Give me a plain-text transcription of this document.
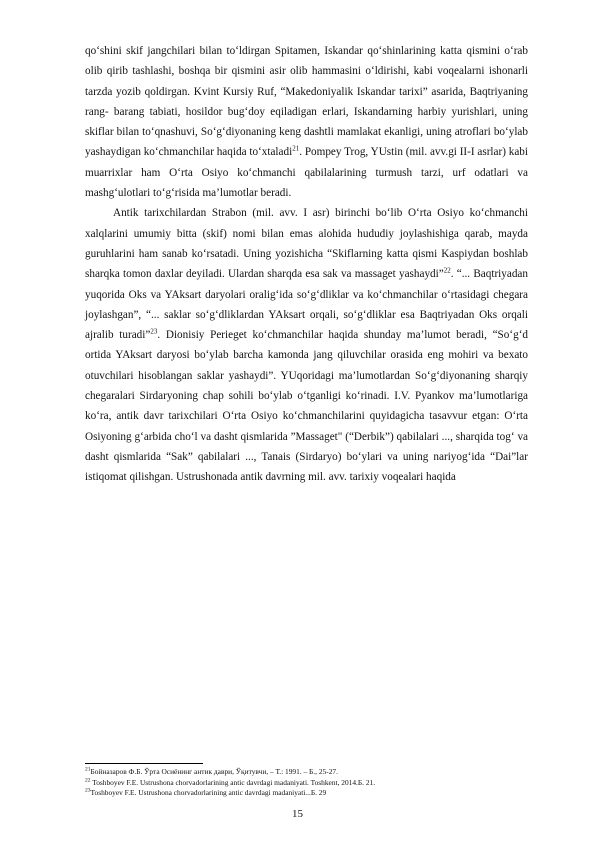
qo‘shini skif jangchilari bilan to‘ldirgan Spitamen, Iskandar qo‘shinlarining katta qismini o‘rab olib qirib tashlashi, boshqa bir qismini asir olib hammasini o‘ldirishi, kabi voqealarni ishonarli tarzda yozib qoldirgan. Kvint Kursiy Ruf, “Makedoniyalik Iskandar tarixi” asarida, Baqtriyaning rang- barang tabiati, hosildor bug‘doy eqiladigan erlari, Iskandarning harbiy yurishlari, uning skiflar bilan to‘qnashuvi, So‘g‘diyonaning keng dashtli mamlakat ekanligi, uning atroflari bo‘ylab yashaydigan ko‘chmanchilar haqida to‘xtaladi$^{21}$. Pompey Trog, YUstin (mil. avv.gi II-I asrlar) kabi muarrixlar ham O‘rta Osiyo ko‘chmanchi qabilalarining turmush tarzi, urf odatlari va mashg‘ulotlari to‘g‘risida ma’lumotlar beradi.

Antik tarixchilardan Strabon (mil. avv. I asr) birinchi bo‘lib O‘rta Osiyo ko‘chmanchi xalqlarini umumiy bitta (skif) nomi bilan emas alohida hududiy joylashishiga qarab, mayda guruhlarini ham sanab ko‘rsatadi. Uning yozishicha “Skiflarning katta qismi Kaspiydan boshlab sharqka tomon daxlar deyiladi. Ulardan sharqda esa sak va massaget yashaydi”$^{22}$. “... Baqtriyadan yuqorida Oks va YAksart daryolari oralig‘ida so‘g‘dliklar va ko‘chmanchilar o‘rtasidagi chegara joylashgan”, “... saklar so‘g‘dliklardan YAksart orqali, so‘g‘dliklar esa Baqtriyadan Oks orqali ajralib turadi”$^{23}$. Dionisiy Perieget ko‘chmanchilar haqida shunday ma’lumot beradi, “So‘g‘d ortida YAksart daryosi bo‘ylab barcha kamonda jang qiluvchilar orasida eng mohiri va bexato otuvchilari hisoblangan saklar yashaydi”. YUqoridagi ma’lumotlardan So‘g‘diyonaning sharqiy chegaralari Sirdaryoning chap sohili bo‘ylab o‘tganligi ko‘rinadi. I.V. Pyankov ma’lumotlariga ko‘ra, antik davr tarixchilari O‘rta Osiyo ko‘chmanchilarini quyidagicha tasavvur etgan: O‘rta Osiyoning g‘arbida cho‘l va dasht qismlarida ”Massaget" (“Derbik”) qabilalari ..., sharqida tog‘ va dasht qismlarida “Sak” qabilalari ..., Tanais (Sirdaryo) bo‘ylari va uning nariyog‘ida “Dai”lar istiqomat qilishgan. Ustrushonada antik davrning mil. avv. tarixiy voqealari haqida

$^{21}$Бойназаров Ф.Б. Ўрта Осиёнинг антик даври, Ўқитувчи, – Т.: 1991. – Б., 25-27.

$^{22}$ Toshboyev F.E. Ustrushona chorvadorlarining antic davrdagi madaniyati. Toshkent, 2014.Б. 21.

$^{23}$Toshboyev F.E. Ustrushona chorvadorlarining antic davrdagi madaniyati...Б. 29

15
